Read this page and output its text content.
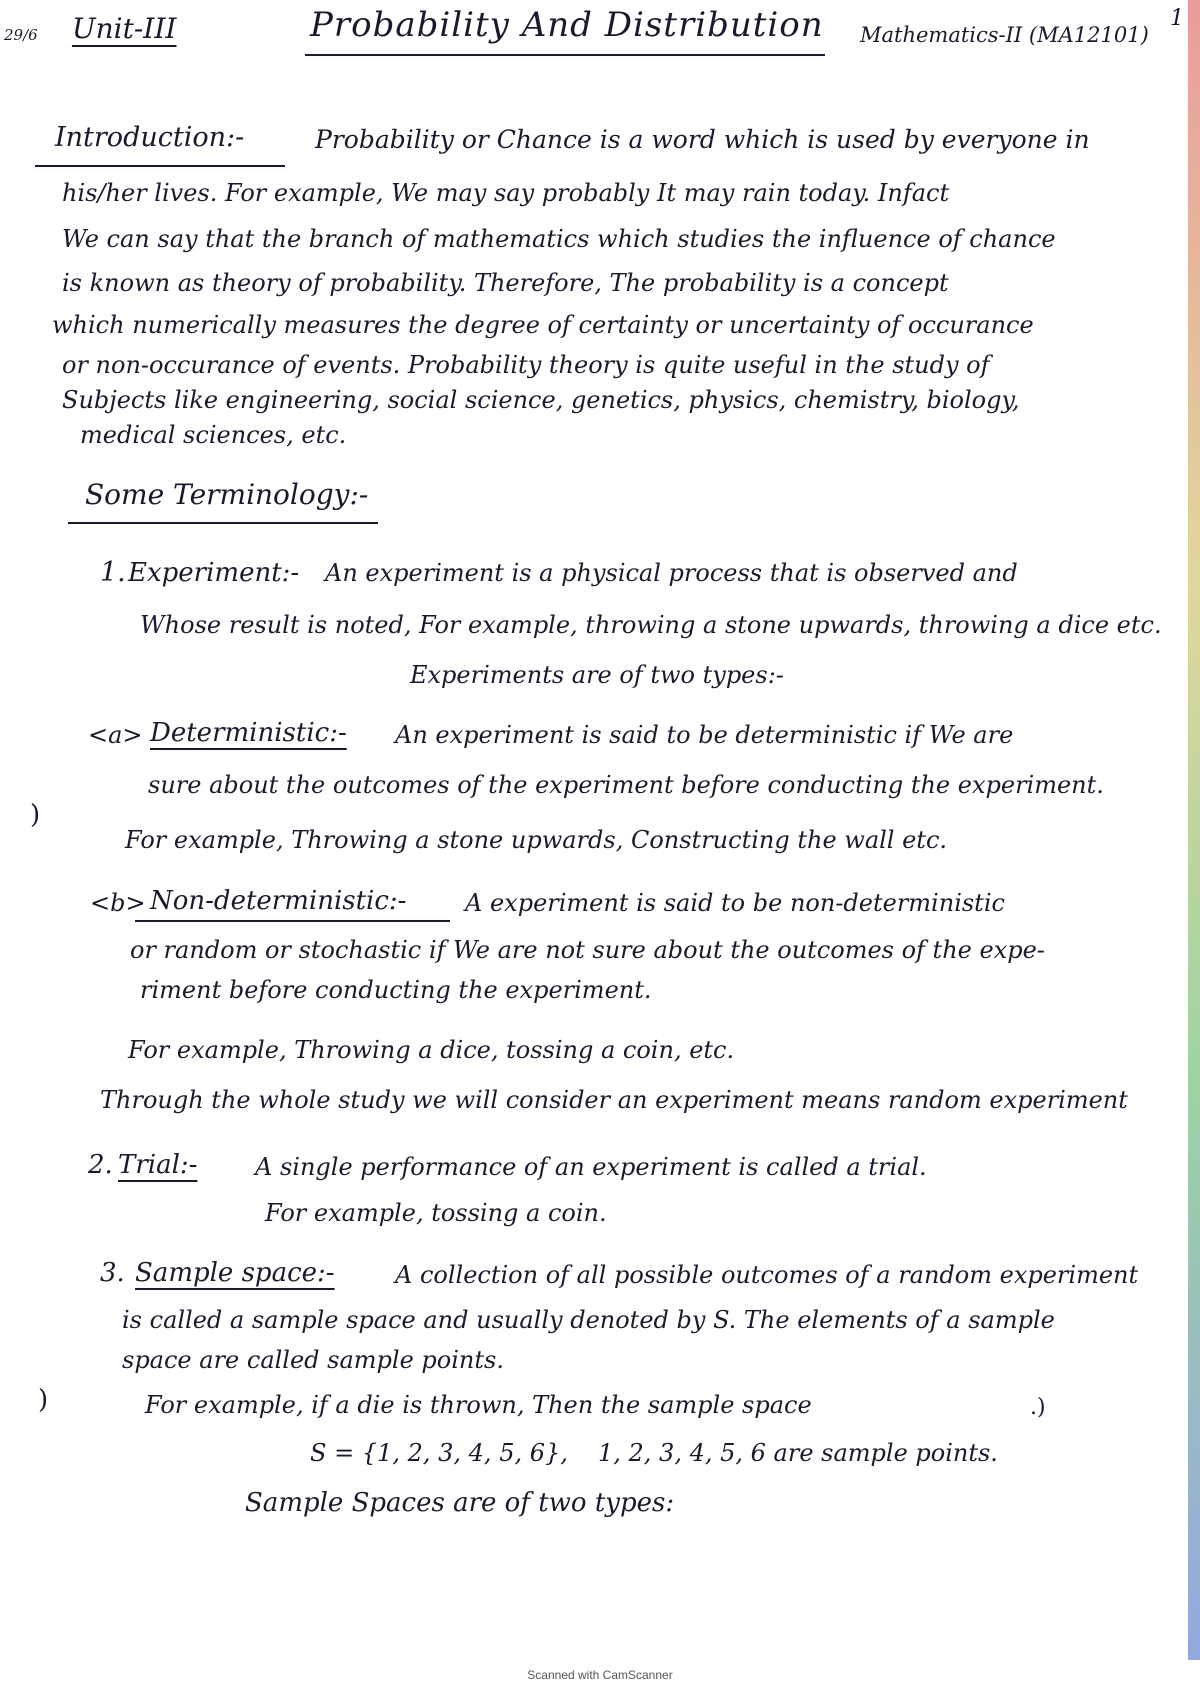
29/6 Unit-III	Probability And Distribution Mathematics-II (MA12101)
1
Introduction:-	Probability or Chance is a word which is used by everyone in
his/her lives. For example, We may say probably It may rain today. Infact
We can say that the branch of mathematics which studies the influence of chance
is known as theory of probability. Therefore, The probability is a concept
which numerically measures the degree of certainty or uncertainty of occurance
or non-occurance of events. Probability theory is quite useful in the study of
Subjects like engineering, social science, genetics, physics, chemistry, biology,
medical sciences, etc.
Some Terminology:-
1. Experiment:- An experiment is a physical process that is observed and
Whose result is noted, For example, throwing a stone upwards, throwing a dice etc.
Experiments are of two types:-
<a> Deterministic:- An experiment is said to be deterministic if We are
sure about the outcomes of the experiment before conducting the experiment.
For example, Throwing a stone upwards, Constructing the wall etc.
)
<b> Non-deterministic:- A experiment is said to be non-deterministic
or random or stochastic if We are not sure about the outcomes of the expe-
riment before conducting the experiment.
For example, Throwing a dice, tossing a coin, etc.
Through the whole study we will consider an experiment means random experiment
2. Trial:- A single performance of an experiment is called a trial.
For example, tossing a coin.
3. Sample space:-	A collection of all possible outcomes of a random experiment
is called a sample space and usually denoted by S. The elements of a sample
space are called sample points.
For example, if a die is thrown, Then the sample space
)	.)
S = {1, 2, 3, 4, 5, 6}, 1, 2, 3, 4, 5, 6 are sample points.
Sample Spaces are of two types:
Scanned with CamScanner
